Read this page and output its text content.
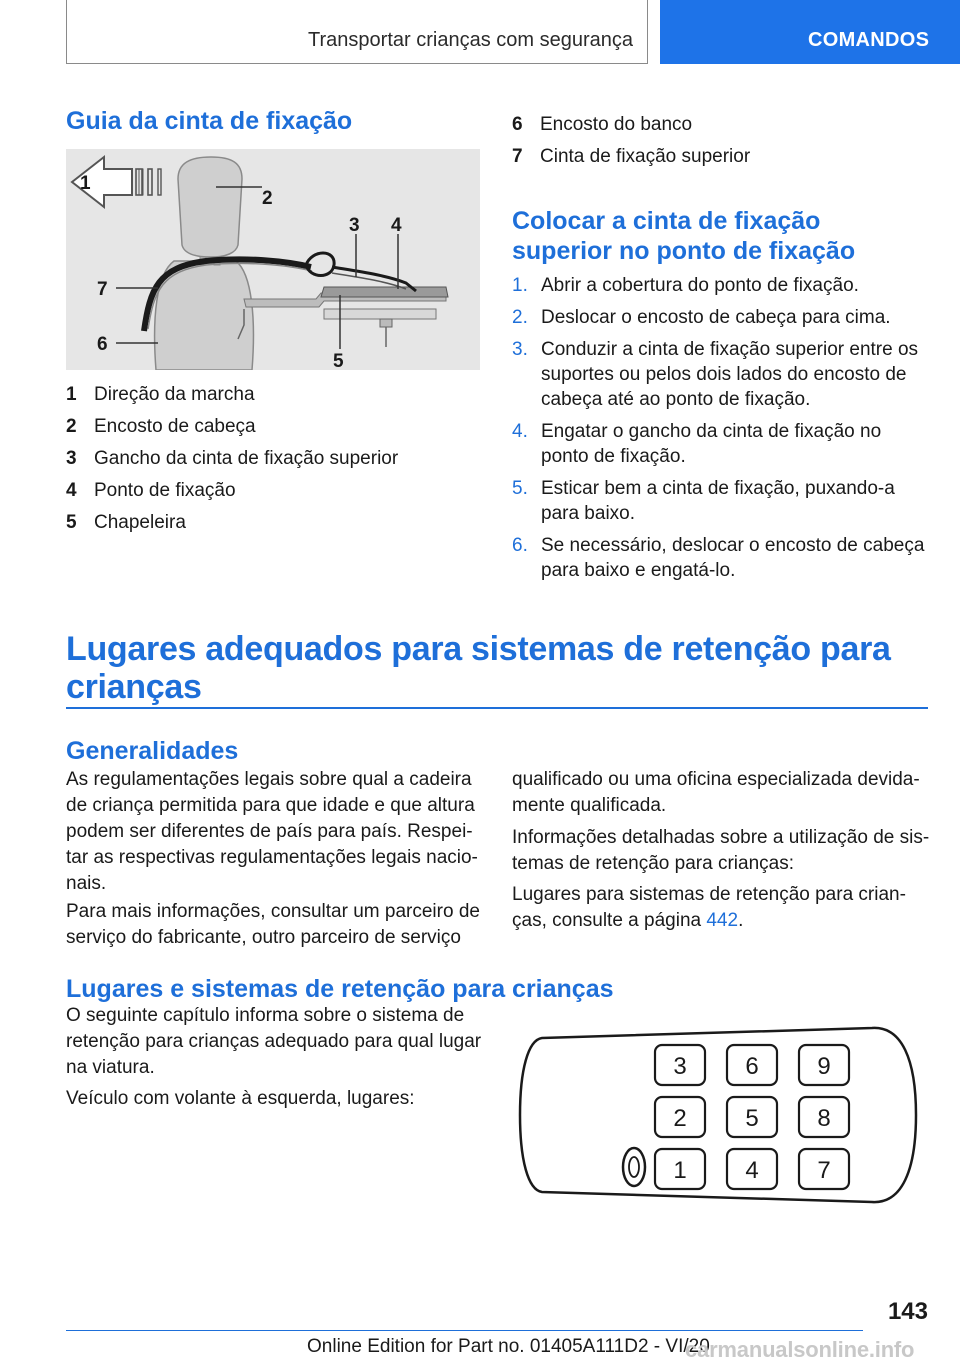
Transportar crianças com segurança	COMANDOS
Guia da cinta de fixação
1
2
3 4
5
6
7
1 Direção da marcha
2 Encosto de cabeça
3 Gancho da cinta de fixação superior
4 Ponto de fixação
5 Chapeleira
6 Encosto do banco
7 Cinta de fixação superior
Colocar a cinta de fixação
superior no ponto de fixação
1. Abrir a cobertura do ponto de fixação.
2. Deslocar o encosto de cabeça para cima.
3. Conduzir a cinta de fixação superior entre os suportes ou pelos dois lados do encosto de cabeça até ao ponto de fixação.
4. Engatar o gancho da cinta de fixação no ponto de fixação.
5. Esticar bem a cinta de fixação, puxando-a para baixo.
6. Se necessário, deslocar o encosto de cabeça para baixo e engatá-lo.
Lugares adequados para sistemas de retenção para
crianças
Generalidades
As regulamentações legais sobre qual a cadeira
de criança permitida para que idade e que altura
podem ser diferentes de país para país. Respei-
tar as respectivas regulamentações legais nacio-
nais.
Para mais informações, consultar um parceiro de
serviço do fabricante, outro parceiro de serviço
qualificado ou uma oficina especializada devida-
mente qualificada.
Informações detalhadas sobre a utilização de sis-
temas de retenção para crianças:
Lugares para sistemas de retenção para crian-
ças, consulte a página 442.
Lugares e sistemas de retenção para crianças
O seguinte capítulo informa sobre o sistema de
retenção para crianças adequado para qual lugar
na viatura.
Veículo com volante à esquerda, lugares:
3 6 9
2 5 8
1 4 7
143
Online Edition for Part no. 01405A111D2 - VI/20
carmanualsonline.info
